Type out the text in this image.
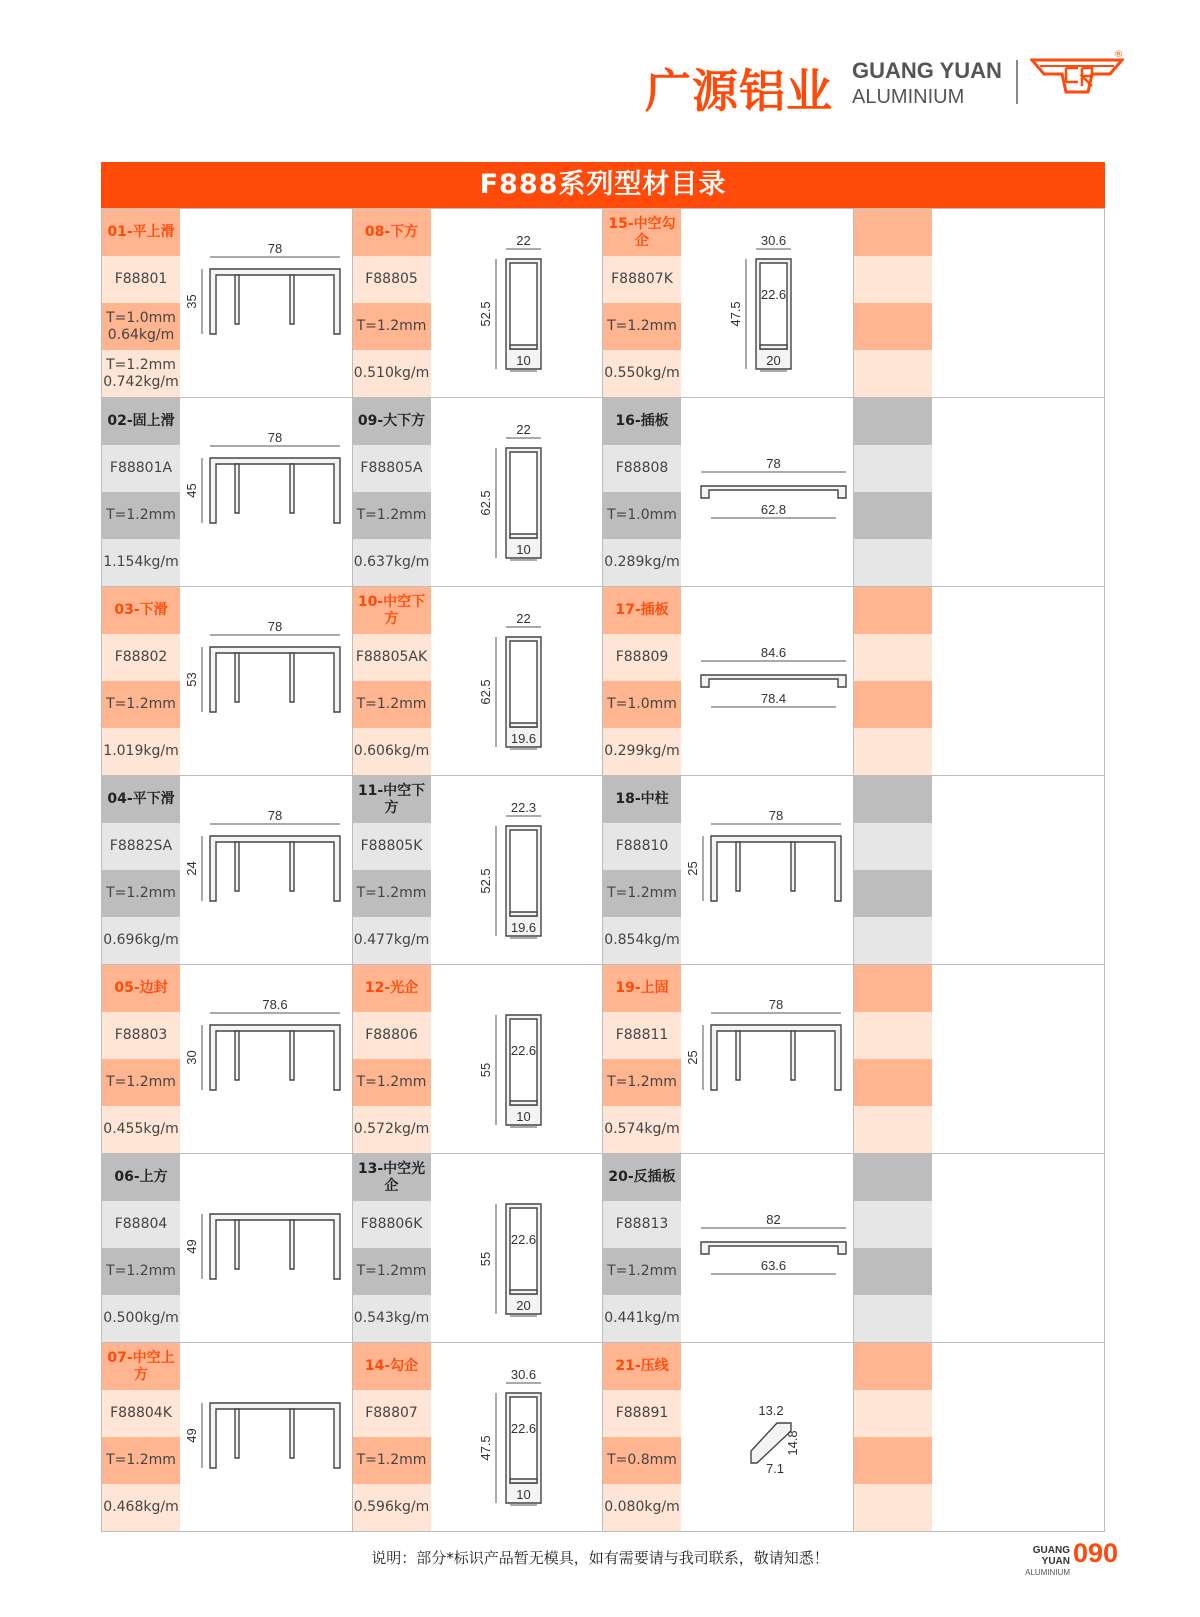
广源铝业 GUANG YUAN
ALUMINIUM
®
F888系列型材目录
01-平上滑
F88801
T=1.0mm
0.64kg/m
T=1.2mm
0.742kg/m
78
35
08-下方
F88805
T=1.2mm
0.510kg/m
22
52.5
10
15-中空勾企
F88807K
T=1.2mm
0.550kg/m
30.6
47.5
22.6
20
02-固上滑
F88801A
T=1.2mm
1.154kg/m
78
45
09-大下方
F88805A
T=1.2mm
0.637kg/m
22
62.5
10
16-插板
F88808
T=1.0mm
0.289kg/m
78
62.8
03-下滑
F88802
T=1.2mm
1.019kg/m
78
53
10-中空下方
F88805AK
T=1.2mm
0.606kg/m
22
62.5
19.6
17-插板
F88809
T=1.0mm
0.299kg/m
84.6
78.4
04-平下滑
F8882SA
T=1.2mm
0.696kg/m
78
24
11-中空下方
F88805K
T=1.2mm
0.477kg/m
22.3
52.5
19.6
18-中柱
F88810
T=1.2mm
0.854kg/m
78
25
05-边封
F88803
T=1.2mm
0.455kg/m
78.6
30
12-光企
F88806
T=1.2mm
0.572kg/m
55
22.6
10
19-上固
F88811
T=1.2mm
0.574kg/m
78
25
06-上方
F88804
T=1.2mm
0.500kg/m
49
13-中空光企
F88806K
T=1.2mm
0.543kg/m
55
22.6
20
20-反插板
F88813
T=1.2mm
0.441kg/m
82
63.6
07-中空上方
F88804K
T=1.2mm
0.468kg/m
49
14-勾企
F88807
T=1.2mm
0.596kg/m
30.6
47.5
22.6
10
21-压线
F88891
T=0.8mm
0.080kg/m
13.2
14.8
7.1
说明：部分*标识产品暂无模具，如有需要请与我司联系，敬请知悉！	GUANG YUAN
ALUMINIUM
090
